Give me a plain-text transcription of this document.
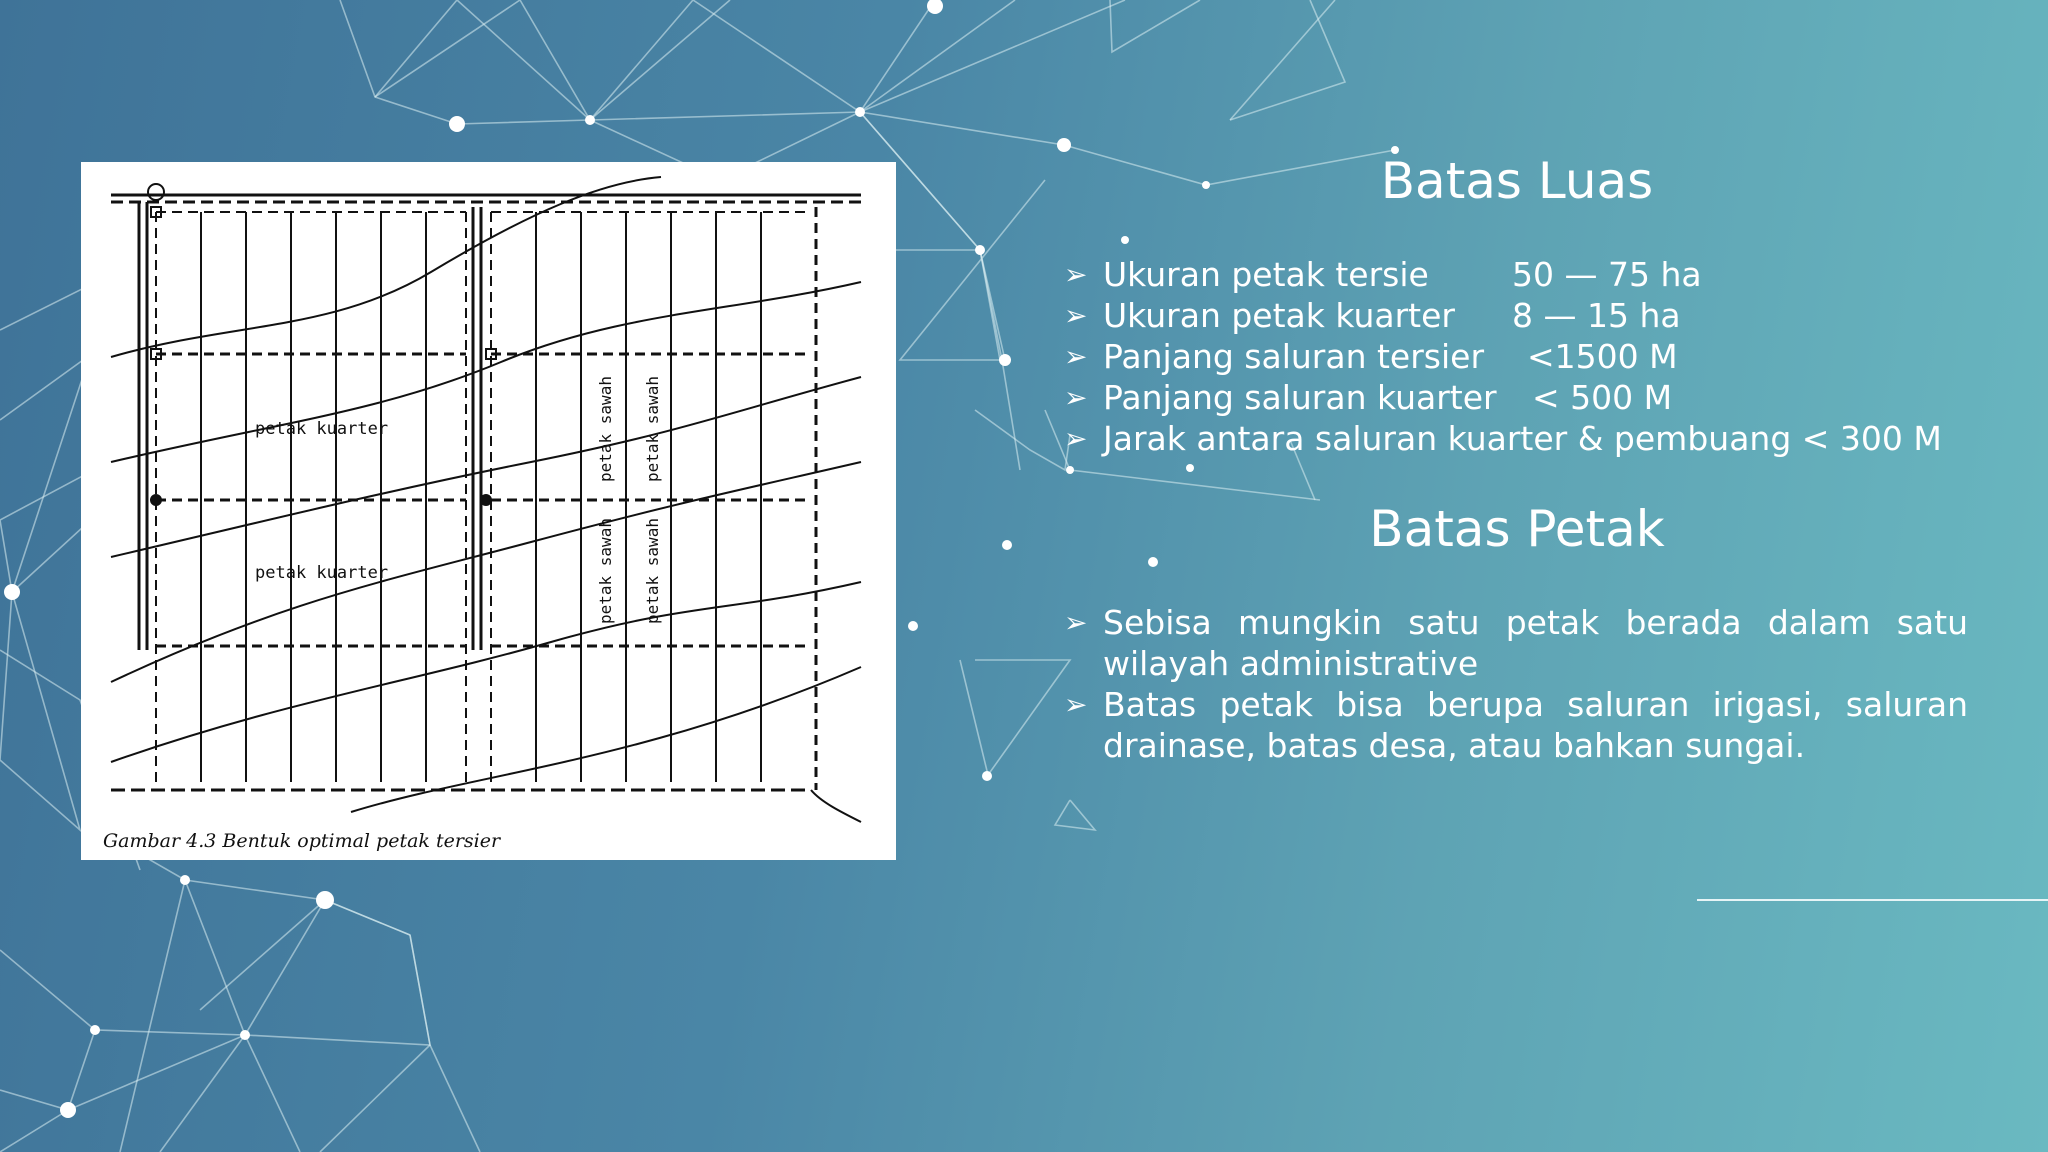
petak kuarter
petak kuarter
petak sawah petak sawah
petak sawah petak sawah
Gambar 4.3 Bentuk optimal petak tersier
Batas Luas
➢ Ukuran petak tersie	50 — 75 ha
➢ Ukuran petak kuarter 8 — 15 ha
➢ Panjang saluran tersier <1500 M
➢ Panjang saluran kuarter < 500 M
➢ Jarak antara saluran kuarter & pembuang < 300 M
Batas Petak
➢ Sebisa mungkin satu petak berada dalam satu wilayah administrative
➢ Batas petak bisa berupa saluran irigasi, saluran drainase, batas desa, atau bahkan sungai.
